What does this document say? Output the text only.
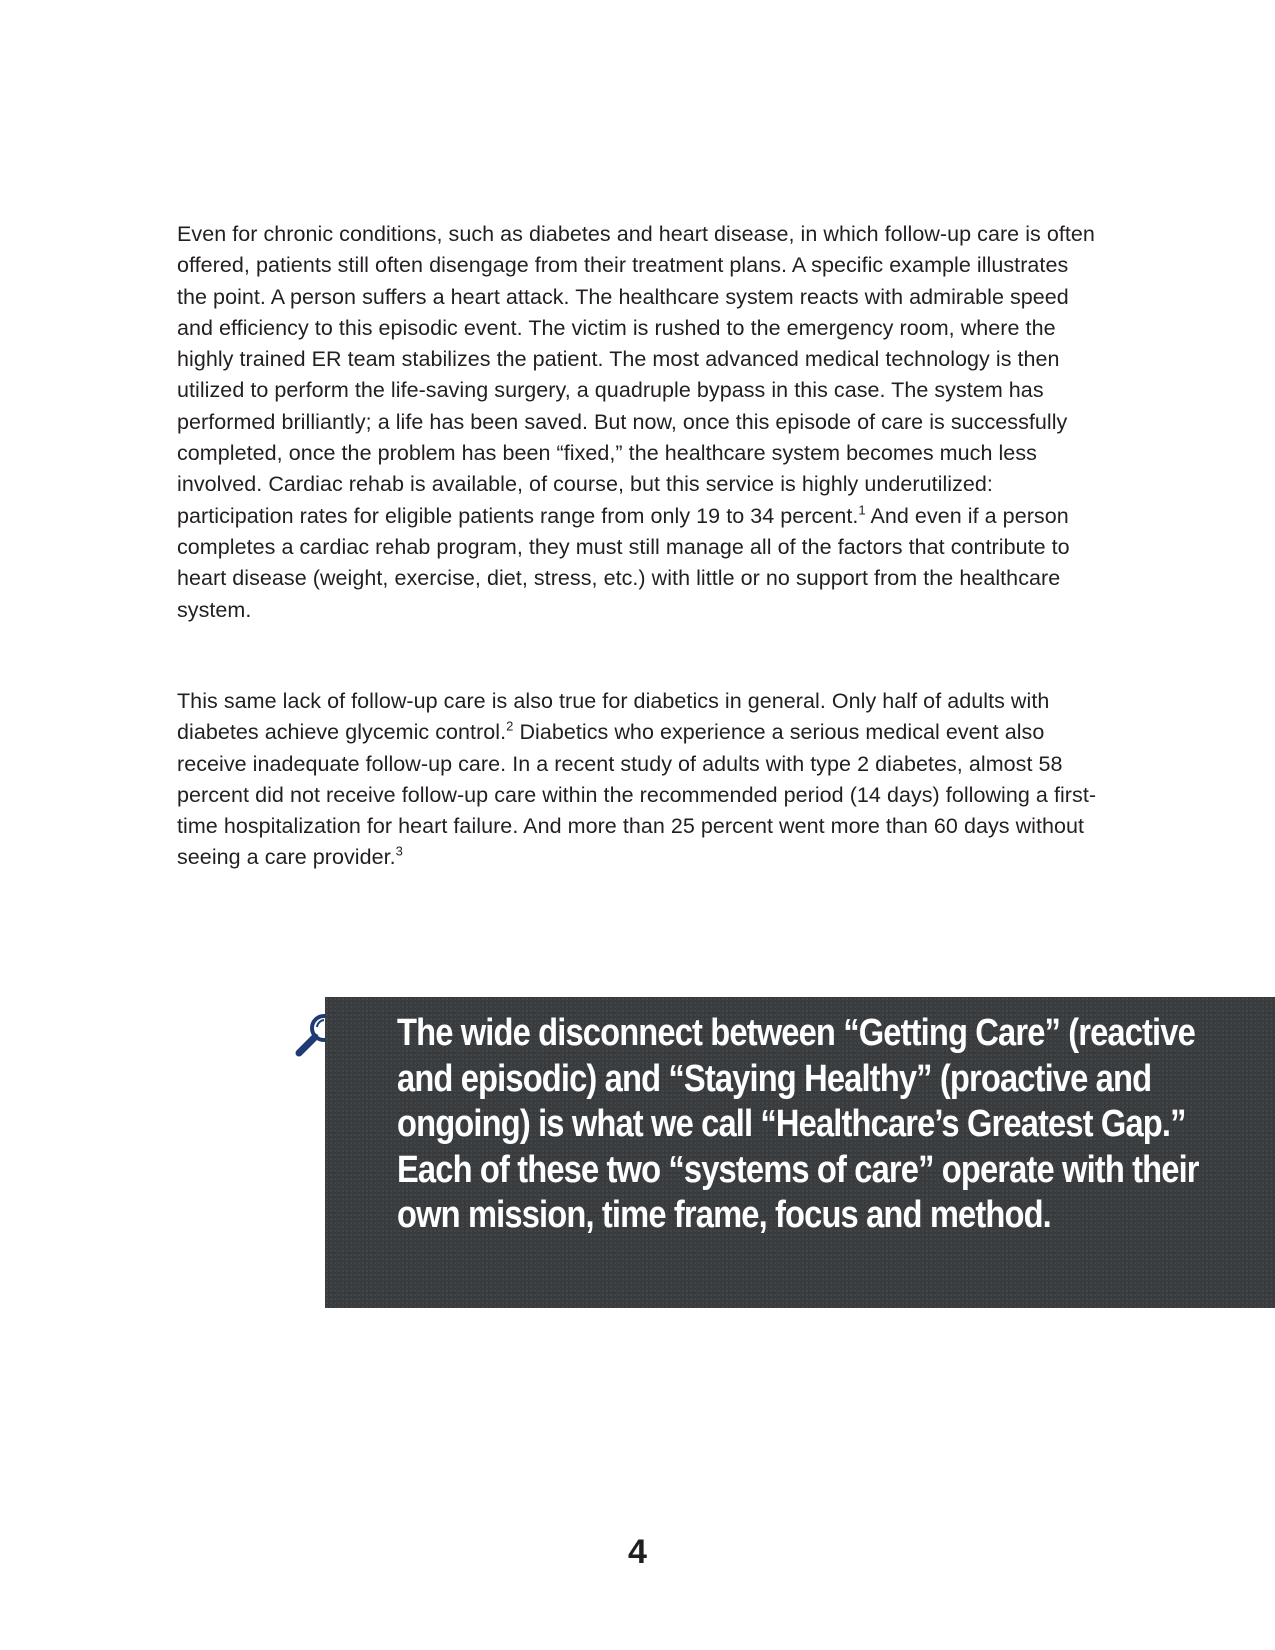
Even for chronic conditions, such as diabetes and heart disease, in which follow-up care is often offered, patients still often disengage from their treatment plans. A specific example illustrates the point. A person suffers a heart attack. The healthcare system reacts with admirable speed and efficiency to this episodic event. The victim is rushed to the emergency room, where the highly trained ER team stabilizes the patient. The most advanced medical technology is then utilized to perform the life-saving surgery, a quadruple bypass in this case. The system has performed brilliantly; a life has been saved. But now, once this episode of care is successfully completed, once the problem has been “fixed,” the healthcare system becomes much less involved. Cardiac rehab is available, of course, but this service is highly underutilized: participation rates for eligible patients range from only 19 to 34 percent.$^1$ And even if a person completes a cardiac rehab program, they must still manage all of the factors that contribute to heart disease (weight, exercise, diet, stress, etc.) with little or no support from the healthcare system.

This same lack of follow-up care is also true for diabetics in general. Only half of adults with diabetes achieve glycemic control.$^2$ Diabetics who experience a serious medical event also receive inadequate follow-up care. In a recent study of adults with type 2 diabetes, almost 58 percent did not receive follow-up care within the recommended period (14 days) following a first-time hospitalization for heart failure. And more than 25 percent went more than 60 days without seeing a care provider.$^3$

The wide disconnect between “Getting Care” (reactive and episodic) and “Staying Healthy” (proactive and ongoing) is what we call “Healthcare’s Greatest Gap.” Each of these two “systems of care” operate with their own mission, time frame, focus and method.

4
